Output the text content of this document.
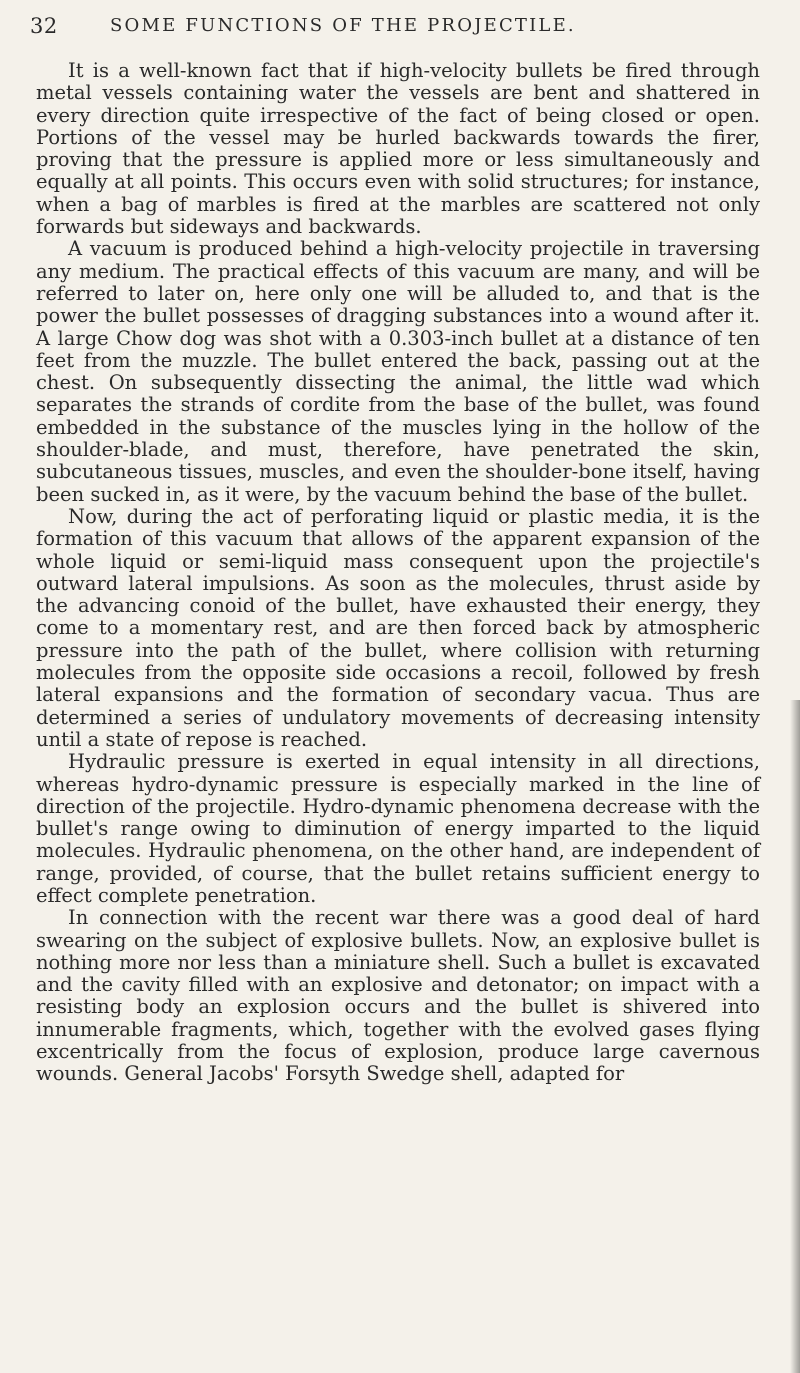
32	SOME FUNCTIONS OF THE PROJECTILE.

It is a well-known fact that if high-velocity bullets be fired through metal vessels containing water the vessels are bent and shattered in every direction quite irrespective of the fact of being closed or open. Portions of the vessel may be hurled backwards towards the firer, proving that the pressure is applied more or less simultaneously and equally at all points. This occurs even with solid structures; for instance, when a bag of marbles is fired at the marbles are scattered not only forwards but sideways and backwards.

A vacuum is produced behind a high-velocity projectile in traversing any medium. The practical effects of this vacuum are many, and will be referred to later on, here only one will be alluded to, and that is the power the bullet possesses of dragging substances into a wound after it. A large Chow dog was shot with a 0.303-inch bullet at a distance of ten feet from the muzzle. The bullet entered the back, passing out at the chest. On subsequently dissecting the animal, the little wad which separates the strands of cordite from the base of the bullet, was found embedded in the substance of the muscles lying in the hollow of the shoulder-blade, and must, therefore, have penetrated the skin, subcutaneous tissues, muscles, and even the shoulder-bone itself, having been sucked in, as it were, by the vacuum behind the base of the bullet.

Now, during the act of perforating liquid or plastic media, it is the formation of this vacuum that allows of the apparent expansion of the whole liquid or semi-liquid mass consequent upon the projectile's outward lateral impulsions. As soon as the molecules, thrust aside by the advancing conoid of the bullet, have exhausted their energy, they come to a momentary rest, and are then forced back by atmospheric pressure into the path of the bullet, where collision with returning molecules from the opposite side occasions a recoil, followed by fresh lateral expansions and the formation of secondary vacua. Thus are determined a series of undulatory movements of decreasing intensity until a state of repose is reached.

Hydraulic pressure is exerted in equal intensity in all directions, whereas hydro-dynamic pressure is especially marked in the line of direction of the projectile. Hydro-dynamic phenomena decrease with the bullet's range owing to diminution of energy imparted to the liquid molecules. Hydraulic phenomena, on the other hand, are independent of range, provided, of course, that the bullet retains sufficient energy to effect complete penetration.

In connection with the recent war there was a good deal of hard swearing on the subject of explosive bullets. Now, an explosive bullet is nothing more nor less than a miniature shell. Such a bullet is excavated and the cavity filled with an explosive and detonator; on impact with a resisting body an explosion occurs and the bullet is shivered into innumerable fragments, which, together with the evolved gases flying excentrically from the focus of explosion, produce large cavernous wounds. General Jacobs' Forsyth Swedge shell, adapted for
